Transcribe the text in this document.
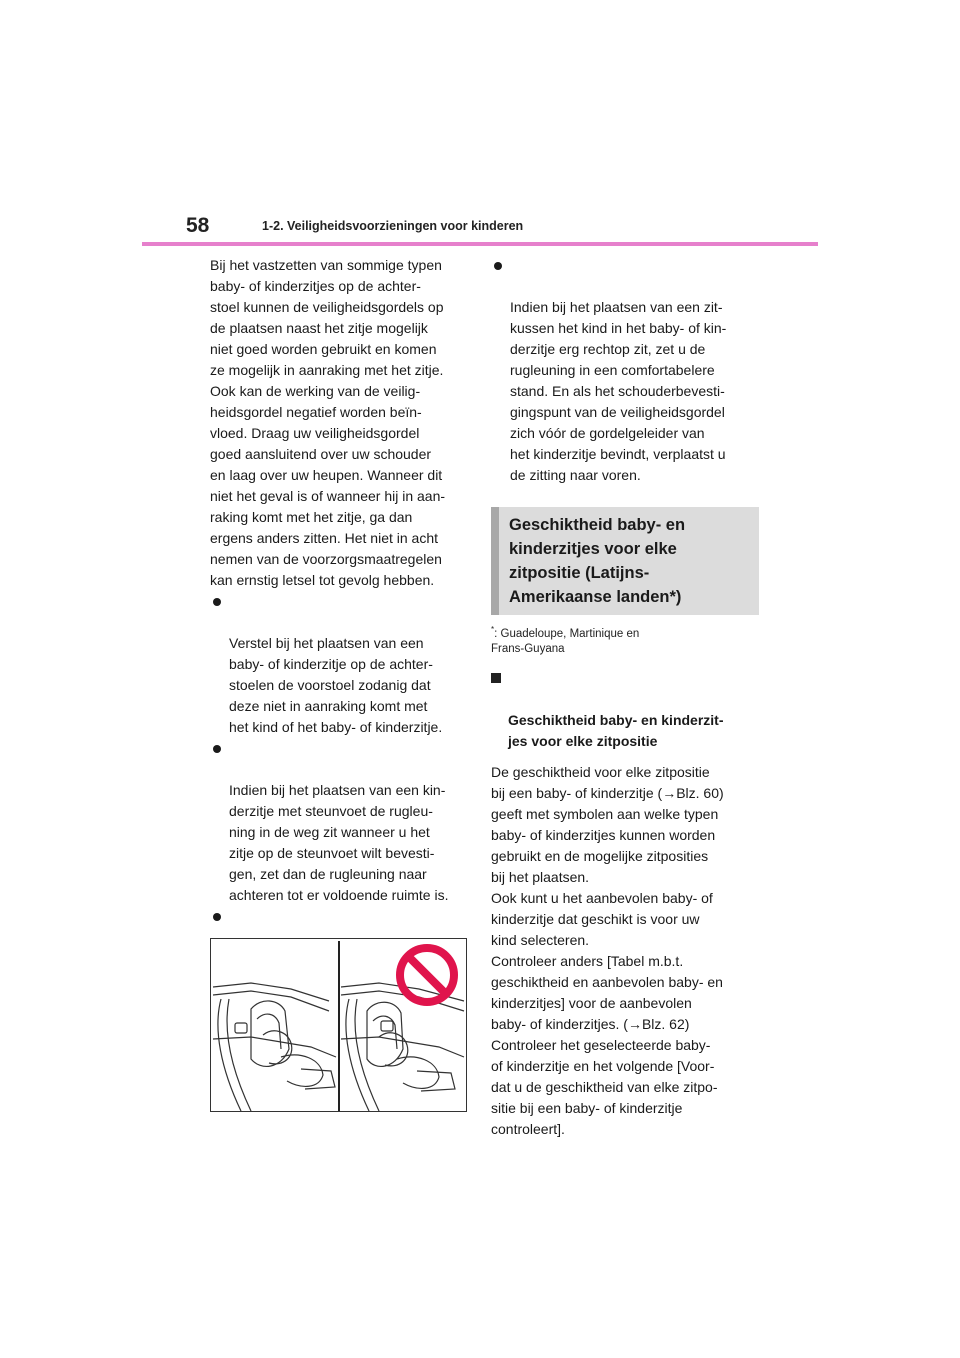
58	1-2. Veiligheidsvoorzieningen voor kinderen

Bij het vastzetten van sommige typen
baby- of kinderzitjes op de achter-
stoel kunnen de veiligheidsgordels op
de plaatsen naast het zitje mogelijk
niet goed worden gebruikt en komen
ze mogelijk in aanraking met het zitje.
Ook kan de werking van de veilig-
heidsgordel negatief worden beïn-
vloed. Draag uw veiligheidsgordel
goed aansluitend over uw schouder
en laag over uw heupen. Wanneer dit
niet het geval is of wanneer hij in aan-
raking komt met het zitje, ga dan
ergens anders zitten. Het niet in acht
nemen van de voorzorgsmaatregelen
kan ernstig letsel tot gevolg hebben.

Verstel bij het plaatsen van een
baby- of kinderzitje op de achter-
stoelen de voorstoel zodanig dat
deze niet in aanraking komt met
het kind of het baby- of kinderzitje.

Indien bij het plaatsen van een kin-
derzitje met steunvoet de rugleu-
ning in de weg zit wanneer u het
zitje op de steunvoet wilt bevesti-
gen, zet dan de rugleuning naar
achteren tot er voldoende ruimte is.

Indien bij het plaatsen van een zit-
kussen het kind in het baby- of kin-
derzitje erg rechtop zit, zet u de
rugleuning in een comfortabelere
stand. En als het schouderbevesti-
gingspunt van de veiligheidsgordel
zich vóór de gordelgeleider van
het kinderzitje bevindt, verplaatst u
de zitting naar voren.

Geschiktheid baby- en
kinderzitjes voor elke
zitpositie (Latijns-
Amerikaanse landen*)
*: Guadeloupe, Martinique en
Frans-Guyana

Geschiktheid baby- en kinderzit-
jes voor elke zitpositie

De geschiktheid voor elke zitpositie
bij een baby- of kinderzitje (→Blz. 60)
geeft met symbolen aan welke typen
baby- of kinderzitjes kunnen worden
gebruikt en de mogelijke zitposities
bij het plaatsen.
Ook kunt u het aanbevolen baby- of
kinderzitje dat geschikt is voor uw
kind selecteren.
Controleer anders [Tabel m.b.t.
geschiktheid en aanbevolen baby- en
kinderzitjes] voor de aanbevolen
baby- of kinderzitjes. (→Blz. 62)
Controleer het geselecteerde baby-
of kinderzitje en het volgende [Voor-
dat u de geschiktheid van elke zitpo-
sitie bij een baby- of kinderzitje
controleert].
